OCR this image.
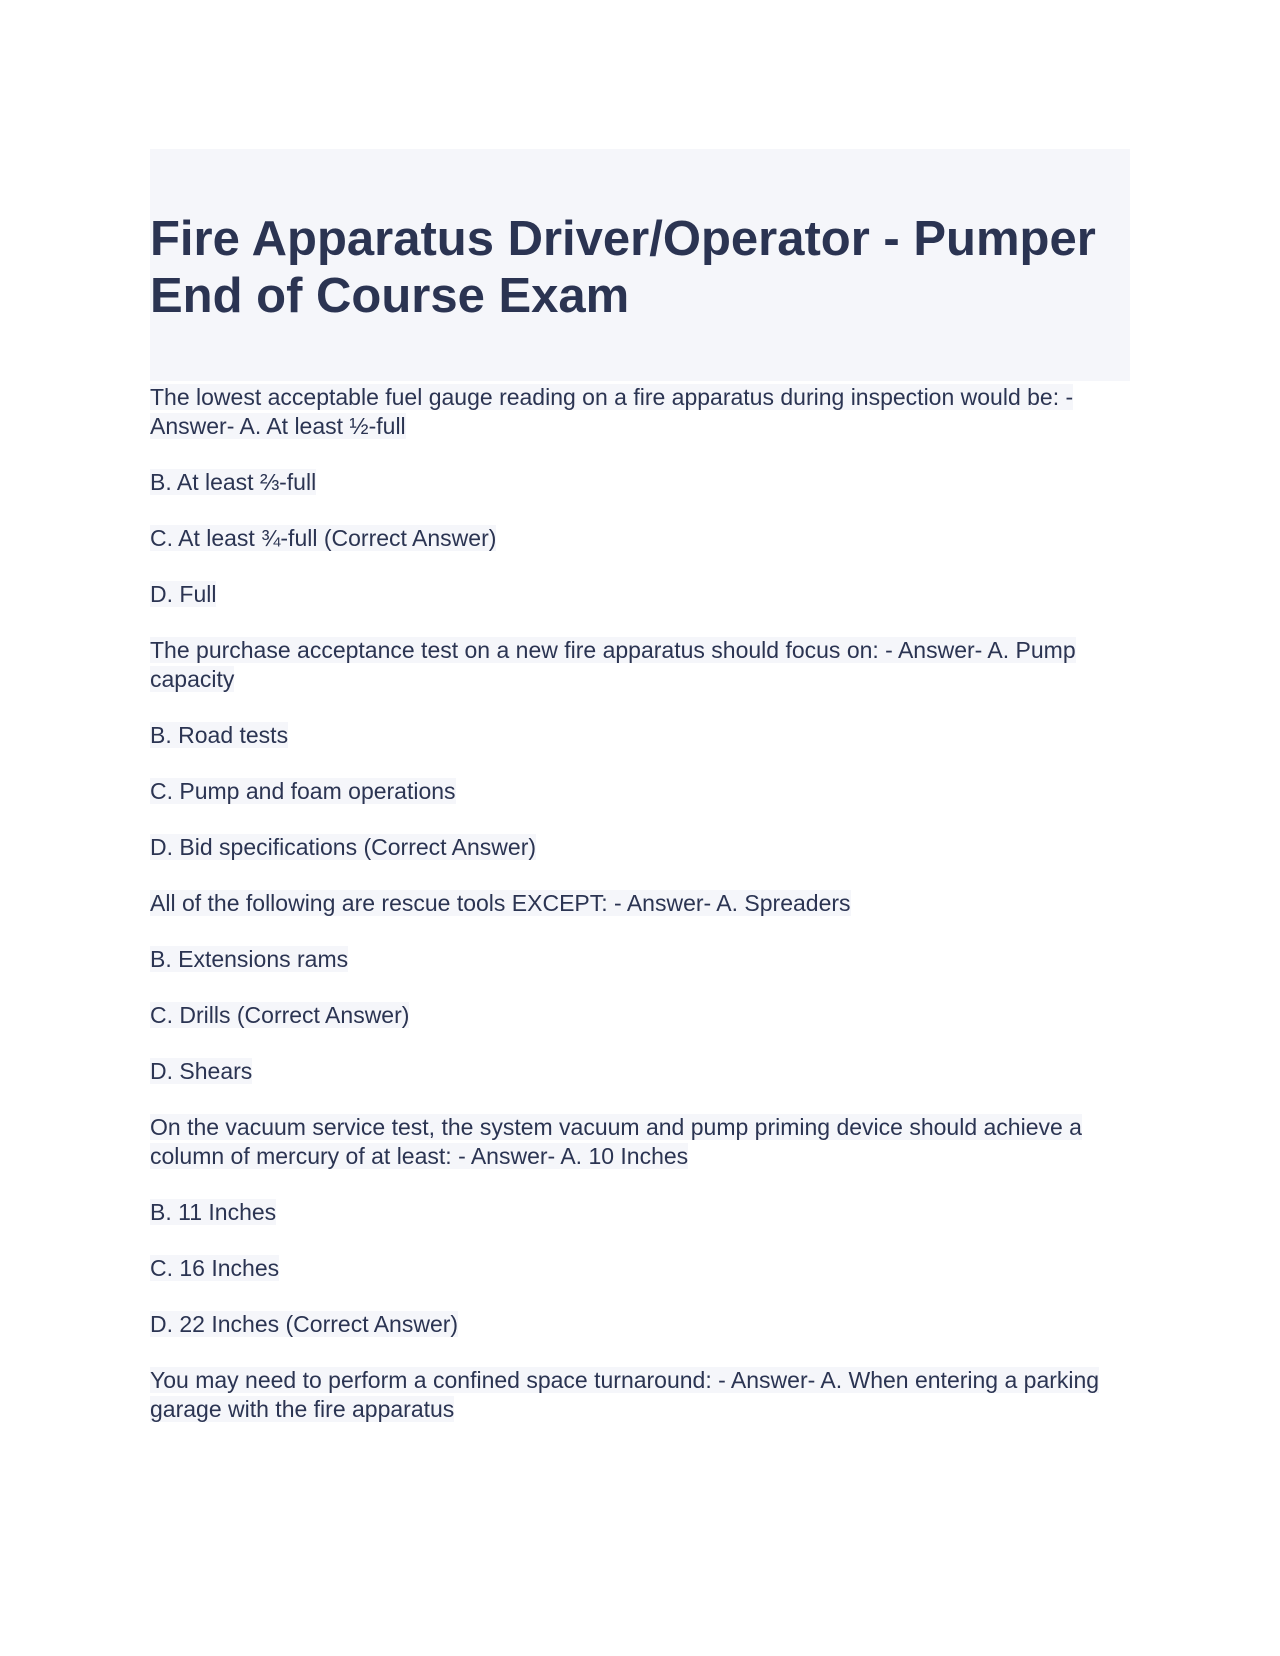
Fire Apparatus Driver/Operator - Pumper End of Course Exam

The lowest acceptable fuel gauge reading on a fire apparatus during inspection would be: - Answer- A. At least ½-full

B. At least ⅔-full

C. At least ¾-full (Correct Answer)

D. Full

The purchase acceptance test on a new fire apparatus should focus on: - Answer- A. Pump capacity

B. Road tests

C. Pump and foam operations

D. Bid specifications (Correct Answer)

All of the following are rescue tools EXCEPT: - Answer- A. Spreaders

B. Extensions rams

C. Drills (Correct Answer)

D. Shears

On the vacuum service test, the system vacuum and pump priming device should achieve a column of mercury of at least: - Answer- A. 10 Inches

B. 11 Inches

C. 16 Inches

D. 22 Inches (Correct Answer)

You may need to perform a confined space turnaround: - Answer- A. When entering a parking garage with the fire apparatus
